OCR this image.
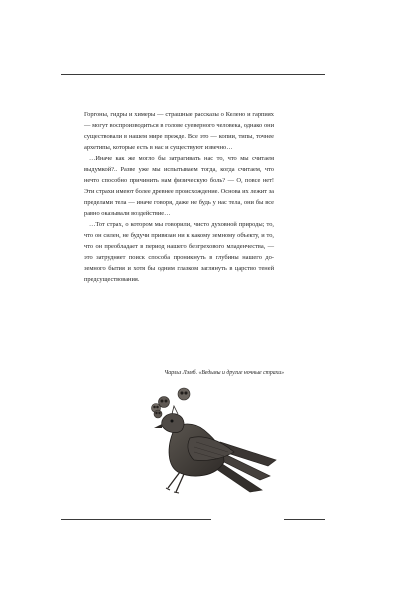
Горгоны, гидры и химеры — страшные рассказы о Келено и гарпиях — могут воспроизводиться в голове суеверного человека, однако они существовали в нашем мире прежде. Все это — копии, типы, точнее архетипы, которые есть в нас и существуют извечно…

…Иначе как же могло бы затрагивать нас то, что мы считаем выдумкой?.. Разве уже мы испытываем тогда, когда считаем, что нечто способно причинить нам физическую боль? — О, повсе нет! Эти страхи имеют более древнее происхождение. Основа их лежит за пределами тела — иначе говоря, даже не будь у нас тела, они бы все равно оказывали воздействие…

…Тот страх, о котором мы говорили, чисто духовной природы; то, что он силен, не будучи привязан ни к какому земному объекту, и то, что он преобладает в период нашего безгрехового младенчества, — это затрудняет поиск способа проникнуть в глубины нашего до-земного бытия и хотя бы одним глазком заглянуть в царство теней предсуществования.

Чарльз Лэмб. «Ведьмы и другие ночные страхи»
